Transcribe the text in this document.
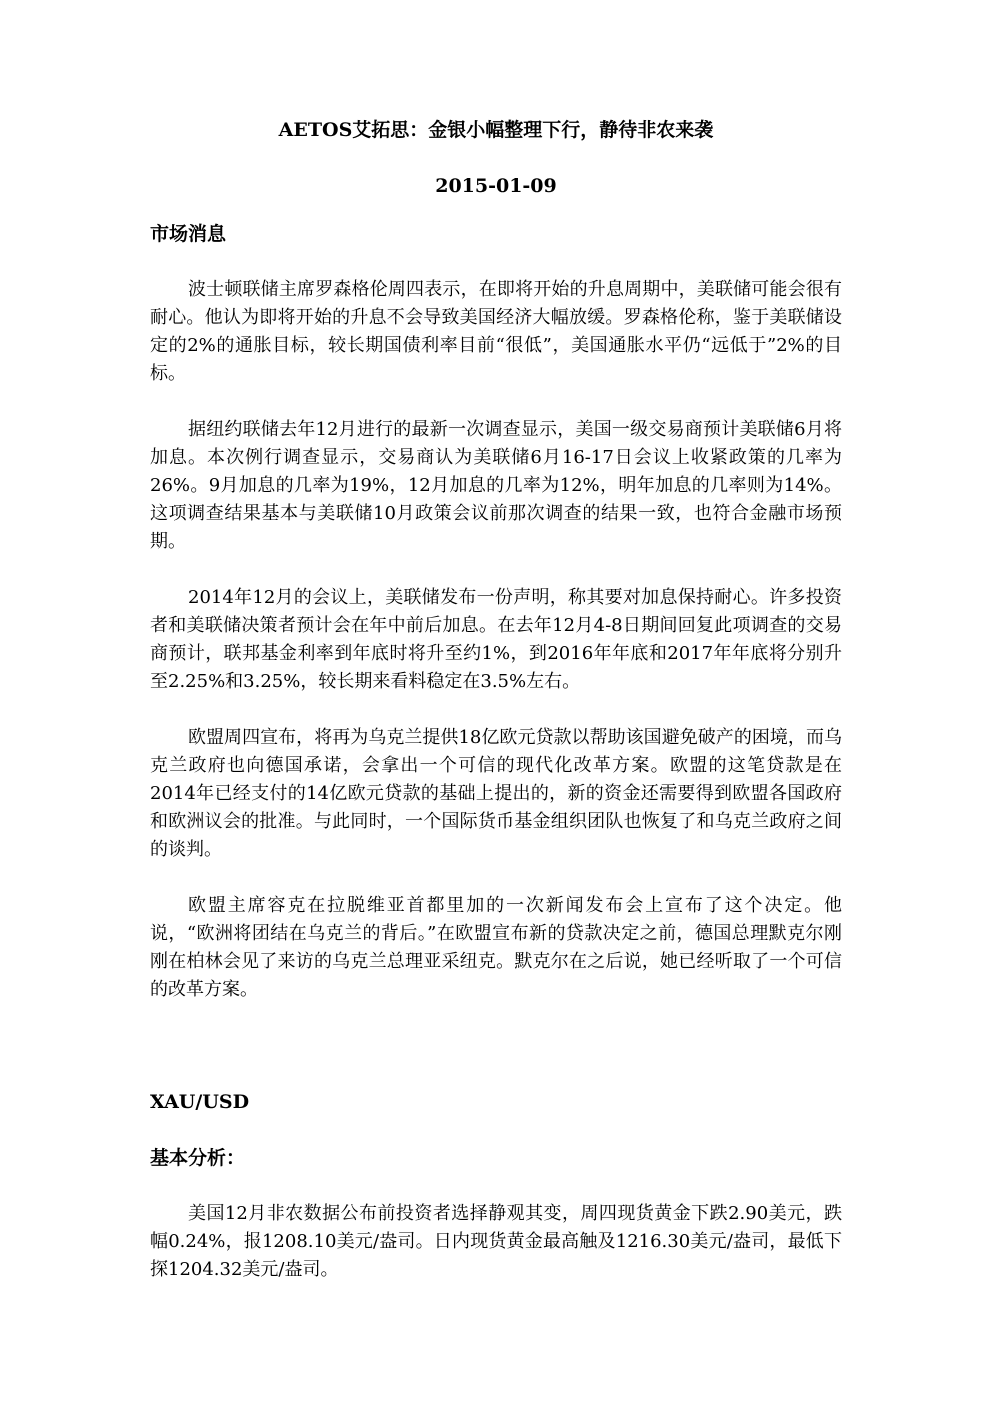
AETOS艾拓思：金银小幅整理下行，静待非农来袭

2015-01-09

市场消息

波士顿联储主席罗森格伦周四表示，在即将开始的升息周期中，美联储可能会很有耐心。他认为即将开始的升息不会导致美国经济大幅放缓。罗森格伦称，鉴于美联储设定的2%的通胀目标，较长期国债利率目前“很低”，美国通胀水平仍“远低于”2%的目标。

据纽约联储去年12月进行的最新一次调查显示，美国一级交易商预计美联储6月将加息。本次例行调查显示，交易商认为美联储6月16-17日会议上收紧政策的几率为26%。9月加息的几率为19%，12月加息的几率为12%，明年加息的几率则为14%。这项调查结果基本与美联储10月政策会议前那次调查的结果一致，也符合金融市场预期。

2014年12月的会议上，美联储发布一份声明，称其要对加息保持耐心。许多投资者和美联储决策者预计会在年中前后加息。在去年12月4-8日期间回复此项调查的交易商预计，联邦基金利率到年底时将升至约1%，到2016年年底和2017年年底将分别升至2.25%和3.25%，较长期来看料稳定在3.5%左右。

欧盟周四宣布，将再为乌克兰提供18亿欧元贷款以帮助该国避免破产的困境，而乌克兰政府也向德国承诺，会拿出一个可信的现代化改革方案。欧盟的这笔贷款是在2014年已经支付的14亿欧元贷款的基础上提出的，新的资金还需要得到欧盟各国政府和欧洲议会的批准。与此同时，一个国际货币基金组织团队也恢复了和乌克兰政府之间的谈判。

欧盟主席容克在拉脱维亚首都里加的一次新闻发布会上宣布了这个决定。他说，“欧洲将团结在乌克兰的背后。”在欧盟宣布新的贷款决定之前，德国总理默克尔刚刚在柏林会见了来访的乌克兰总理亚采纽克。默克尔在之后说，她已经听取了一个可信的改革方案。

XAU/USD

基本分析：

美国12月非农数据公布前投资者选择静观其变，周四现货黄金下跌2.90美元，跌幅0.24%，报1208.10美元/盎司。日内现货黄金最高触及1216.30美元/盎司，最低下探1204.32美元/盎司。
